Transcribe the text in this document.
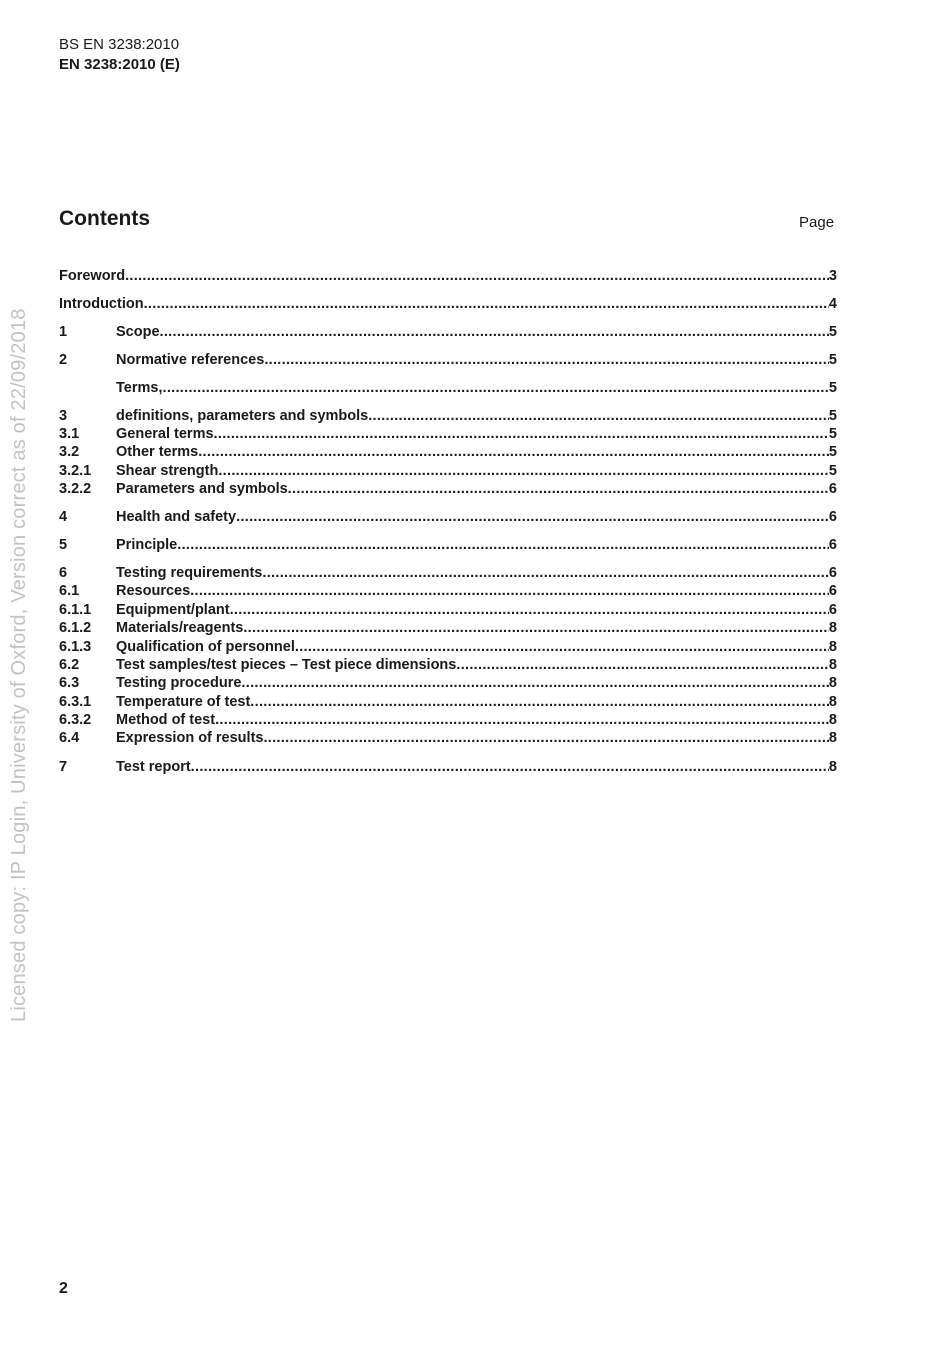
BS EN 3238:2010
EN 3238:2010 (E)
Contents	Page
Foreword .....	3
Introduction .....	4
1	Scope .....	5
2	Normative references .....	5
Terms, .....	5
3	definitions, parameters and symbols .....	5
3.1	General terms .....	5
3.2	Other terms .....	5
3.2.1	Shear strength .....	5
3.2.2	Parameters and symbols .....	6
4	Health and safety .....	6
5	Principle .....	6
6	Testing requirements .....	6
6.1	Resources .....	6
6.1.1	Equipment/plant .....	6
6.1.2	Materials/reagents .....	8
6.1.3	Qualification of personnel .....	8
6.2	Test samples/test pieces – Test piece dimensions .....	8
6.3	Testing procedure .....	8
6.3.1	Temperature of test .....	8
6.3.2	Method of test .....	8
6.4	Expression of results .....	8
7	Test report .....	8
Licensed copy: IP Login, University of Oxford, Version correct as of 22/09/2018
2
